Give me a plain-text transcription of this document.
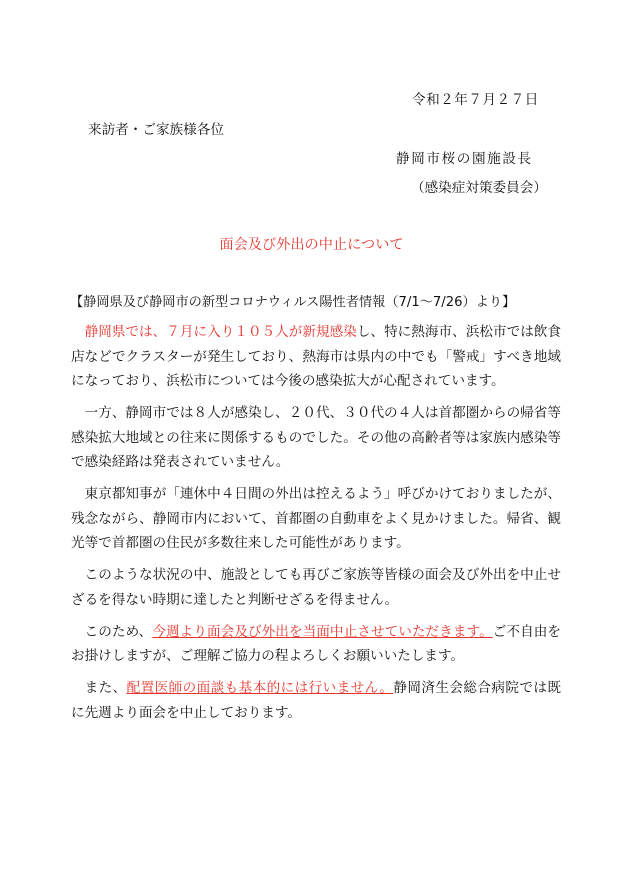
令和２年７月２７日
来訪者・ご家族様各位
静岡市桜の園施設長
（感染症対策委員会）
面会及び外出の中止について
【静岡県及び静岡市の新型コロナウィルス陽性者情報（7/1～7/26）より】

静岡県では、７月に入り１０５人が新規感染し、特に熱海市、浜松市では飲食店などでクラスターが発生しており、熱海市は県内の中でも「警戒」すべき地域になっており、浜松市については今後の感染拡大が心配されています。

一方、静岡市では８人が感染し、２０代、３０代の４人は首都圏からの帰省等感染拡大地域との往来に関係するものでした。その他の高齢者等は家族内感染等で感染経路は発表されていません。

東京都知事が「連休中４日間の外出は控えるよう」呼びかけておりましたが、残念ながら、静岡市内において、首都圏の自動車をよく見かけました。帰省、観光等で首都圏の住民が多数往来した可能性があります。

このような状況の中、施設としても再びご家族等皆様の面会及び外出を中止せざるを得ない時期に達したと判断せざるを得ません。

このため、今週より面会及び外出を当面中止させていただきます。ご不自由をお掛けしますが、ご理解ご協力の程よろしくお願いいたします。

また、配置医師の面談も基本的には行いません。静岡済生会総合病院では既に先週より面会を中止しております。
